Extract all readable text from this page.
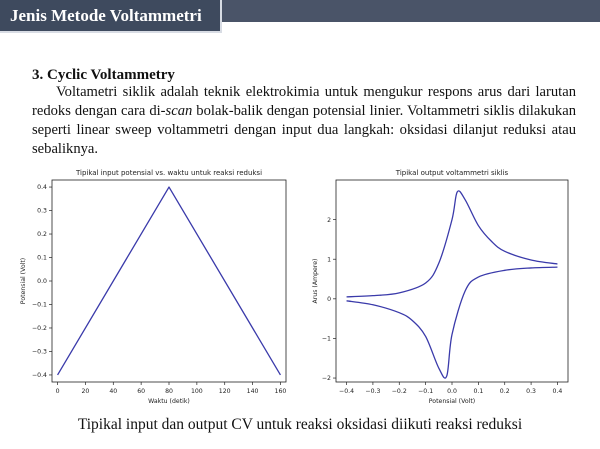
Jenis Metode Voltammetri
3. Cyclic Voltammetry
Voltametri siklik adalah teknik elektrokimia untuk mengukur respons arus dari larutan redoks dengan cara di-scan bolak-balik dengan potensial linier. Voltammetri siklis dilakukan seperti linear sweep voltammetri dengan input dua langkah: oksidasi dilanjut reduksi atau sebaliknya.
Tipikal input potensial vs. waktu untuk reaksi reduksi
0	20	40	60	80	100	120	140	160
−0.4
−0.3
−0.2
−0.1
0.0
0.1
0.2
0.3
0.4
Waktu (detik)
Potensial (Volt)
Tipikal output voltammetri siklis
−0.4 −0.3 −0.2 −0.1 0.0	0.1	0.2	0.3	0.4
−2
−1
0
1
2
Potensial (Volt)
Arus (Ampere)
Tipikal input dan output CV untuk reaksi oksidasi diikuti reaksi reduksi
